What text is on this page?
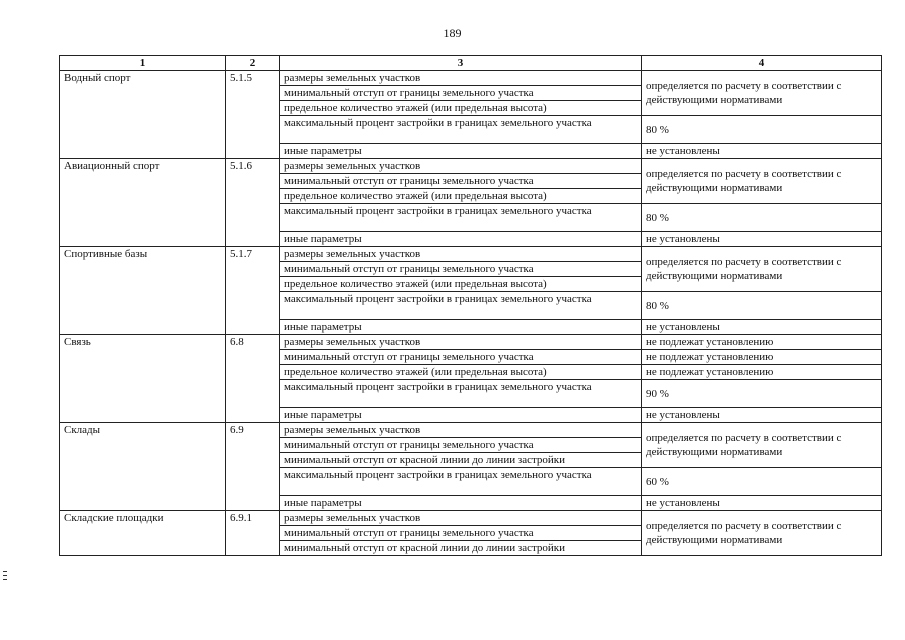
189
1	2	3	4
Водный спорт	5.1.5	размеры земельных участков	определяется по расчету в соответствии с действующими нормативами
		минимальный отступ от границы земельного участка	
		предельное количество этажей (или предельная высота)	
		максимальный процент застройки в границах земельного участка	80 %
		иные параметры	не установлены
Авиационный спорт	5.1.6	размеры земельных участков	определяется по расчету в соответствии с действующими нормативами
		минимальный отступ от границы земельного участка	
		предельное количество этажей (или предельная высота)	
		максимальный процент застройки в границах земельного участка	80 %
		иные параметры	не установлены
Спортивные базы	5.1.7	размеры земельных участков	определяется по расчету в соответствии с действующими нормативами
		минимальный отступ от границы земельного участка	
		предельное количество этажей (или предельная высота)	
		максимальный процент застройки в границах земельного участка	80 %
		иные параметры	не установлены
Связь	6.8	размеры земельных участков	не подлежат установлению
		минимальный отступ от границы земельного участка	не подлежат установлению
		предельное количество этажей (или предельная высота)	не подлежат установлению
		максимальный процент застройки в границах земельного участка	90 %
		иные параметры	не установлены
Склады	6.9	размеры земельных участков	определяется по расчету в соответствии с действующими нормативами
		минимальный отступ от границы земельного участка	
		минимальный отступ от красной линии до линии застройки	
		максимальный процент застройки в границах земельного участка	60 %
		иные параметры	не установлены
Складские площадки	6.9.1	размеры земельных участков	определяется по расчету в соответствии с действующими нормативами
		минимальный отступ от границы земельного участка	
		минимальный отступ от красной линии до линии застройки	
